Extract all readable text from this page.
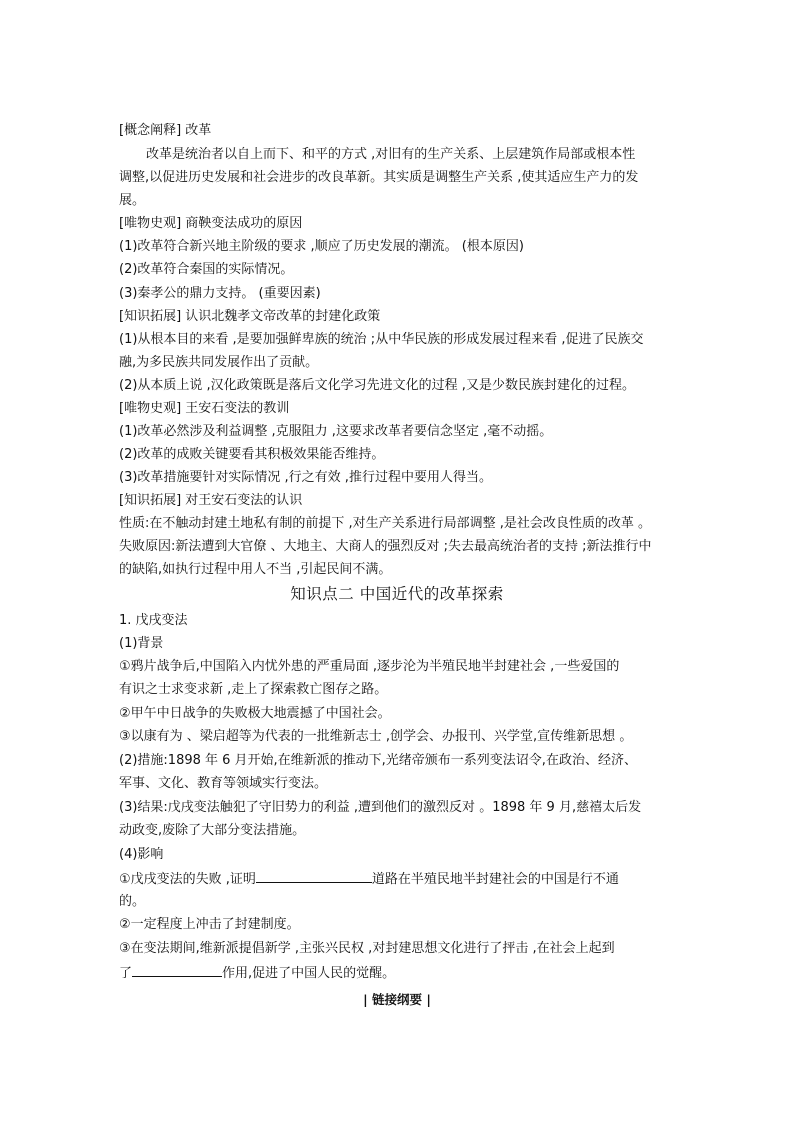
[概念阐释] 改革
改革是统治者以自上而下、和平的方式 ,对旧有的生产关系、上层建筑作局部或根本性
调整,以促进历史发展和社会进步的改良革新。其实质是调整生产关系 ,使其适应生产力的发
展。
[唯物史观] 商鞅变法成功的原因
(1)改革符合新兴地主阶级的要求 ,顺应了历史发展的潮流。 (根本原因)
(2)改革符合秦国的实际情况。
(3)秦孝公的鼎力支持。 (重要因素)
[知识拓展] 认识北魏孝文帝改革的封建化政策
(1)从根本目的来看 ,是要加强鲜卑族的统治 ;从中华民族的形成发展过程来看 ,促进了民族交
融,为多民族共同发展作出了贡献。
(2)从本质上说 ,汉化政策既是落后文化学习先进文化的过程 ,又是少数民族封建化的过程。
[唯物史观] 王安石变法的教训
(1)改革必然涉及利益调整 ,克服阻力 ,这要求改革者要信念坚定 ,毫不动摇。
(2)改革的成败关键要看其积极效果能否维持。
(3)改革措施要针对实际情况 ,行之有效 ,推行过程中要用人得当。
[知识拓展] 对王安石变法的认识
性质:在不触动封建土地私有制的前提下 ,对生产关系进行局部调整 ,是社会改良性质的改革 。
失败原因:新法遭到大官僚 、大地主、大商人的强烈反对 ;失去最高统治者的支持 ;新法推行中
的缺陷,如执行过程中用人不当 ,引起民间不满。
知识点二 中国近代的改革探索
1. 戊戌变法
(1)背景
①鸦片战争后,中国陷入内忧外患的严重局面 ,逐步沦为半殖民地半封建社会 ,一些爱国的
有识之士求变求新 ,走上了探索救亡图存之路。
②甲午中日战争的失败极大地震撼了中国社会。
③以康有为 、梁启超等为代表的一批维新志士 ,创学会、办报刊、兴学堂,宣传维新思想 。
(2)措施:1898 年 6 月开始,在维新派的推动下,光绪帝颁布一系列变法诏令,在政治、经济、
军事、文化、教育等领域实行变法。
(3)结果:戊戌变法触犯了守旧势力的利益 ,遭到他们的激烈反对 。1898 年 9 月,慈禧太后发
动政变,废除了大部分变法措施。
(4)影响
①戊戌变法的失败 ,证明	道路在半殖民地半封建社会的中国是行不通
的。
②一定程度上冲击了封建制度。
③在变法期间,维新派提倡新学 ,主张兴民权 ,对封建思想文化进行了抨击 ,在社会上起到
了	作用,促进了中国人民的觉醒。
| 链接纲要 |
